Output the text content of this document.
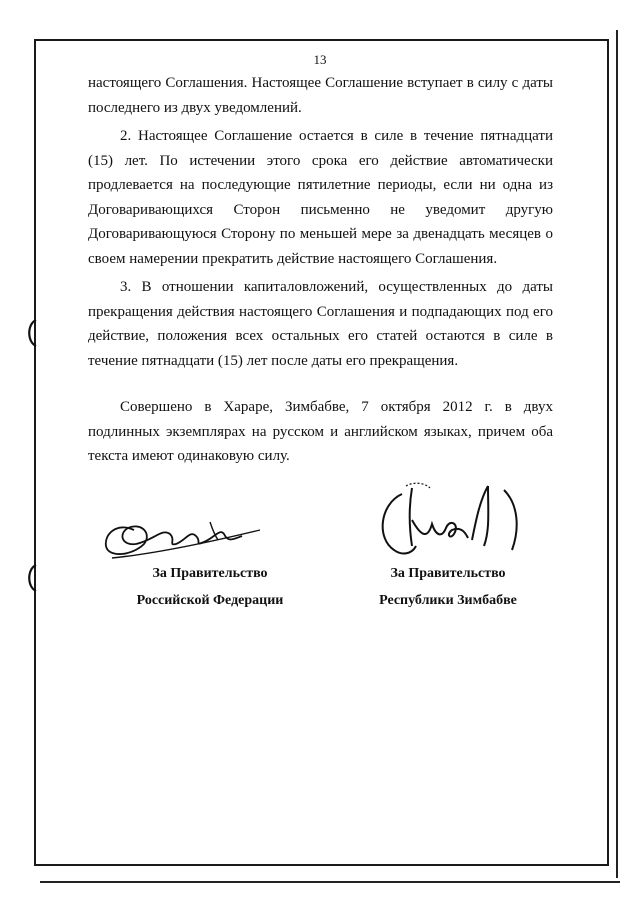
13

настоящего Соглашения. Настоящее Соглашение вступает в силу с даты последнего из двух уведомлений.

2. Настоящее Соглашение остается в силе в течение пятнадцати (15) лет. По истечении этого срока его действие автоматически продлевается на последующие пятилетние периоды, если ни одна из Договаривающихся Сторон письменно не уведомит другую Договаривающуюся Сторону по меньшей мере за двенадцать месяцев о своем намерении прекратить действие настоящего Соглашения.

3. В отношении капиталовложений, осуществленных до даты прекращения действия настоящего Соглашения и подпадающих под его действие, положения всех остальных его статей остаются в силе в течение пятнадцати (15) лет после даты его прекращения.

Совершено в Хараре, Зимбабве, 7 октября 2012 г. в двух подлинных экземплярах на русском и английском языках, причем оба текста имеют одинаковую силу.

За Правительство
Российской Федерации
За Правительство
Республики Зимбабве
